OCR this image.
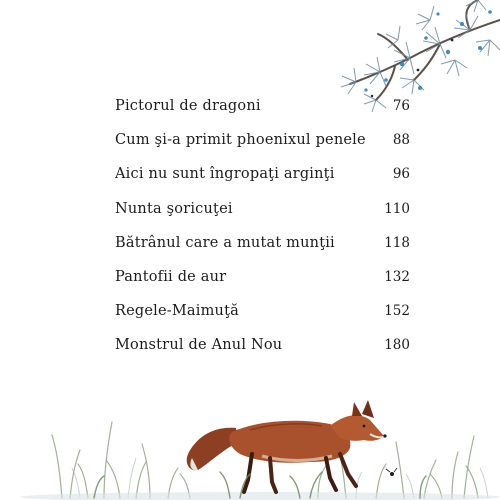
Pictorul de dragoni	76
Cum şi-a primit phoenixul penele 88
Aici nu sunt îngropaţi arginţi	96
Nunta şoricuţei	110
Bătrânul care a mutat munţii	118
Pantofii de aur	132
Regele-Maimuţă	152
Monstrul de Anul Nou	180
